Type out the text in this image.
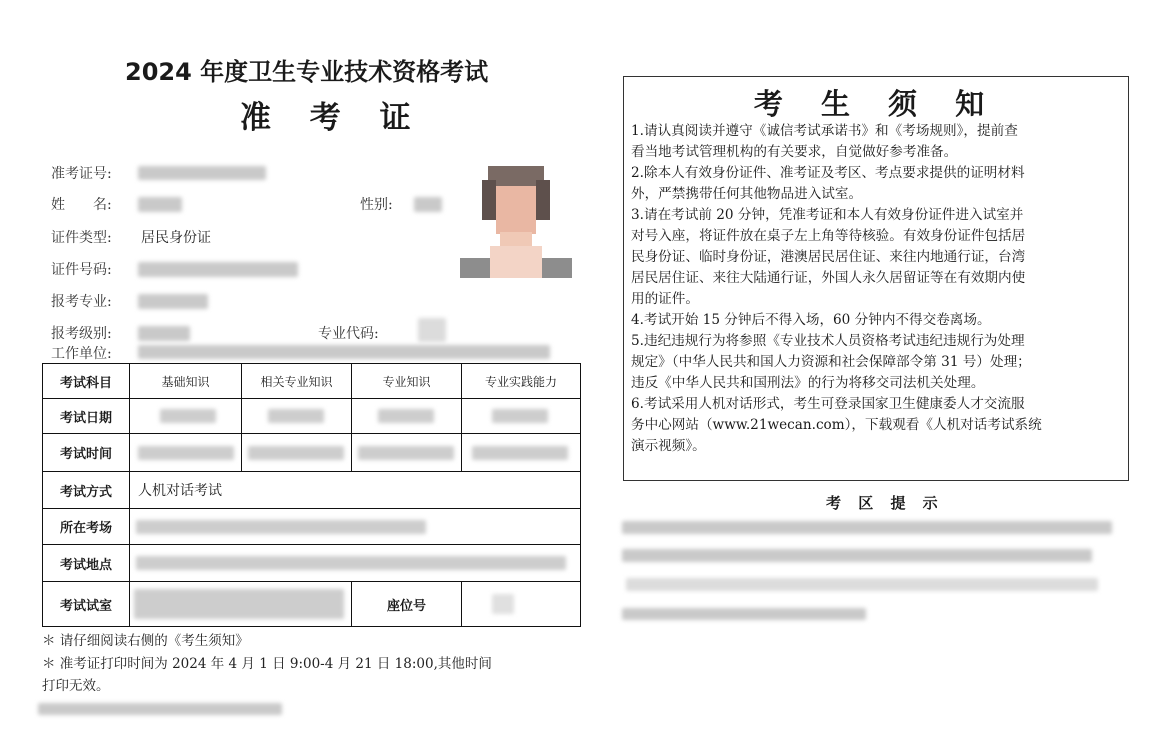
2024 年度卫生专业技术资格考试
准 考 证
准考证号:
姓　　名:	性别:
证件类型: 居民身份证
证件号码:
报考专业:
报考级别:	专业代码:
工作单位:
考试科目	基础知识	相关专业知识	专业知识	专业实践能力
考试日期	

考试时间	

考试方式	人机对话考试			
所在考场				

考试地点				

考试试室			座位号	
＊ 请仔细阅读右侧的《考生须知》
＊ 准考证打印时间为 2024 年 4 月 1 日 9:00-4 月 21 日 18:00,其他时间
打印无效。
考 生 须 知
1.请认真阅读并遵守《诚信考试承诺书》和《考场规则》，提前查
看当地考试管理机构的有关要求，自觉做好参考准备。
2.除本人有效身份证件、准考证及考区、考点要求提供的证明材料
外，严禁携带任何其他物品进入试室。
3.请在考试前 20 分钟，凭准考证和本人有效身份证件进入试室并
对号入座，将证件放在桌子左上角等待核验。有效身份证件包括居
民身份证、临时身份证，港澳居民居住证、来往内地通行证，台湾
居民居住证、来往大陆通行证，外国人永久居留证等在有效期内使
用的证件。
4.考试开始 15 分钟后不得入场，60 分钟内不得交卷离场。
5.违纪违规行为将参照《专业技术人员资格考试违纪违规行为处理
规定》（中华人民共和国人力资源和社会保障部令第 31 号）处理；
违反《中华人民共和国刑法》的行为将移交司法机关处理。
6.考试采用人机对话形式，考生可登录国家卫生健康委人才交流服
务中心网站（www.21wecan.com），下载观看《人机对话考试系统
演示视频》。
考 区 提 示
